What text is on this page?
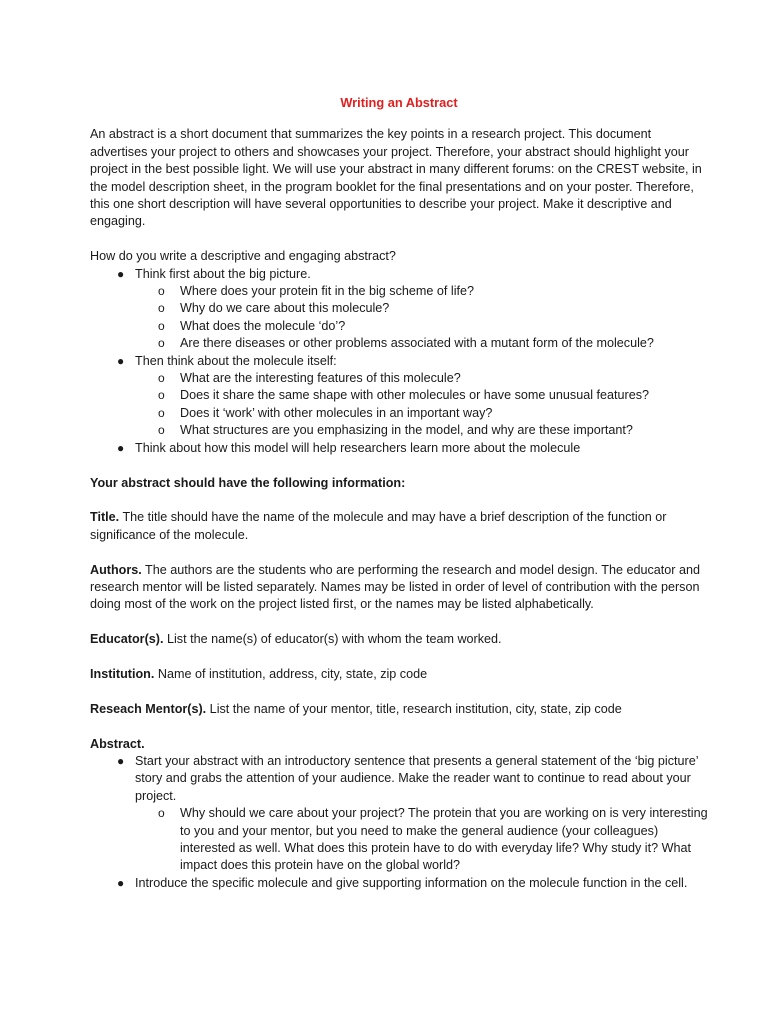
Writing an Abstract

An abstract is a short document that summarizes the key points in a research project. This document advertises your project to others and showcases your project. Therefore, your abstract should highlight your project in the best possible light. We will use your abstract in many different forums: on the CREST website, in the model description sheet, in the program booklet for the final presentations and on your poster. Therefore, this one short description will have several opportunities to describe your project. Make it descriptive and engaging.

How do you write a descriptive and engaging abstract?

● Think first about the big picture.
o Where does your protein fit in the big scheme of life?
o Why do we care about this molecule?
o What does the molecule ‘do’?
o Are there diseases or other problems associated with a mutant form of the molecule?
● Then think about the molecule itself:
o What are the interesting features of this molecule?
o Does it share the same shape with other molecules or have some unusual features?
o Does it ‘work’ with other molecules in an important way?
o What structures are you emphasizing in the model, and why are these important?
● Think about how this model will help researchers learn more about the molecule

Your abstract should have the following information:

Title. The title should have the name of the molecule and may have a brief description of the function or significance of the molecule.

Authors. The authors are the students who are performing the research and model design. The educator and research mentor will be listed separately. Names may be listed in order of level of contribution with the person doing most of the work on the project listed first, or the names may be listed alphabetically.

Educator(s). List the name(s) of educator(s) with whom the team worked.

Institution. Name of institution, address, city, state, zip code

Reseach Mentor(s). List the name of your mentor, title, research institution, city, state, zip code

Abstract.

● Start your abstract with an introductory sentence that presents a general statement of the ‘big picture’ story and grabs the attention of your audience. Make the reader want to continue to read about your project.
o Why should we care about your project? The protein that you are working on is very interesting to you and your mentor, but you need to make the general audience (your colleagues) interested as well. What does this protein have to do with everyday life? Why study it? What impact does this protein have on the global world?
● Introduce the specific molecule and give supporting information on the molecule function in the cell.
